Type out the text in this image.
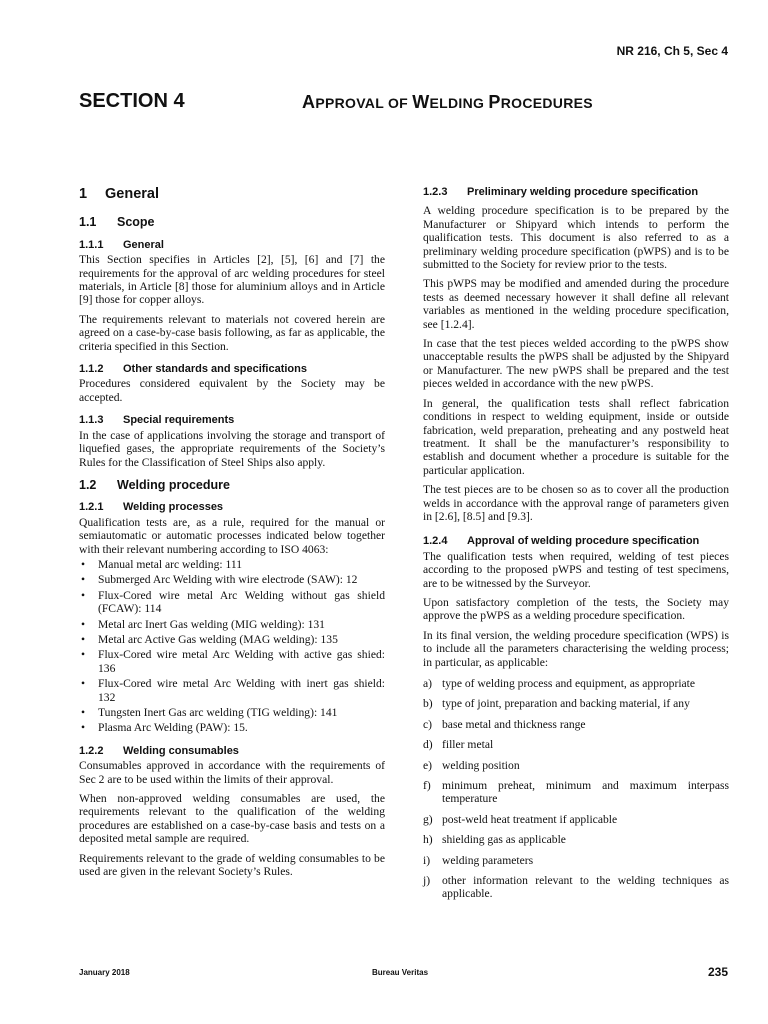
NR 216, Ch 5, Sec 4
SECTION 4	APPROVAL OF WELDING PROCEDURES
1 General
1.1 Scope
1.1.1 General

This Section specifies in Articles [2], [5], [6] and [7] the requirements for the approval of arc welding procedures for steel materials, in Article [8] those for aluminium alloys and in Article [9] those for copper alloys.

The requirements relevant to materials not covered herein are agreed on a case-by-case basis following, as far as applicable, the criteria specified in this Section.

1.1.2 Other standards and specifications

Procedures considered equivalent by the Society may be accepted.

1.1.3 Special requirements

In the case of applications involving the storage and transport of liquefied gases, the appropriate requirements of the Society’s Rules for the Classification of Steel Ships also apply.

1.2 Welding procedure
1.2.1 Welding processes

Qualification tests are, as a rule, required for the manual or semiautomatic or automatic processes indicated below together with their relevant numbering according to ISO 4063:

• Manual metal arc welding: 111
• Submerged Arc Welding with wire electrode (SAW): 12
• Flux-Cored wire metal Arc Welding without gas shield (FCAW): 114
• Metal arc Inert Gas welding (MIG welding): 131
• Metal arc Active Gas welding (MAG welding): 135
• Flux-Cored wire metal Arc Welding with active gas shied: 136
• Flux-Cored wire metal Arc Welding with inert gas shield: 132
• Tungsten Inert Gas arc welding (TIG welding): 141
• Plasma Arc Welding (PAW): 15.
1.2.2 Welding consumables

Consumables approved in accordance with the requirements of Sec 2 are to be used within the limits of their approval.

When non-approved welding consumables are used, the requirements relevant to the qualification of the welding procedures are established on a case-by-case basis and tests on a deposited metal sample are required.

Requirements relevant to the grade of welding consumables to be used are given in the relevant Society’s Rules.

1.2.3 Preliminary welding procedure specification

A welding procedure specification is to be prepared by the Manufacturer or Shipyard which intends to perform the qualification tests. This document is also referred to as a preliminary welding procedure specification (pWPS) and is to be submitted to the Society for review prior to the tests.

This pWPS may be modified and amended during the procedure tests as deemed necessary however it shall define all relevant variables as mentioned in the welding procedure specification, see [1.2.4].

In case that the test pieces welded according to the pWPS show unacceptable results the pWPS shall be adjusted by the Shipyard or Manufacturer. The new pWPS shall be prepared and the test pieces welded in accordance with the new pWPS.

In general, the qualification tests shall reflect fabrication conditions in respect to welding equipment, inside or outside fabrication, weld preparation, preheating and any postweld heat treatment. It shall be the manufacturer’s responsibility to establish and document whether a procedure is suitable for the particular application.

The test pieces are to be chosen so as to cover all the production welds in accordance with the approval range of parameters given in [2.6], [8.5] and [9.3].

1.2.4 Approval of welding procedure specification

The qualification tests when required, welding of test pieces according to the proposed pWPS and testing of test specimens, are to be witnessed by the Surveyor.

Upon satisfactory completion of the tests, the Society may approve the pWPS as a welding procedure specification.

In its final version, the welding procedure specification (WPS) is to include all the parameters characterising the welding process; in particular, as applicable:

a) type of welding process and equipment, as appropriate
b) type of joint, preparation and backing material, if any
c) base metal and thickness range
d) filler metal
e) welding position
f) minimum preheat, minimum and maximum interpass temperature
g) post-weld heat treatment if applicable
h) shielding gas as applicable
i) welding parameters
j) other information relevant to the welding techniques as applicable.
January 2018	Bureau Veritas	235
